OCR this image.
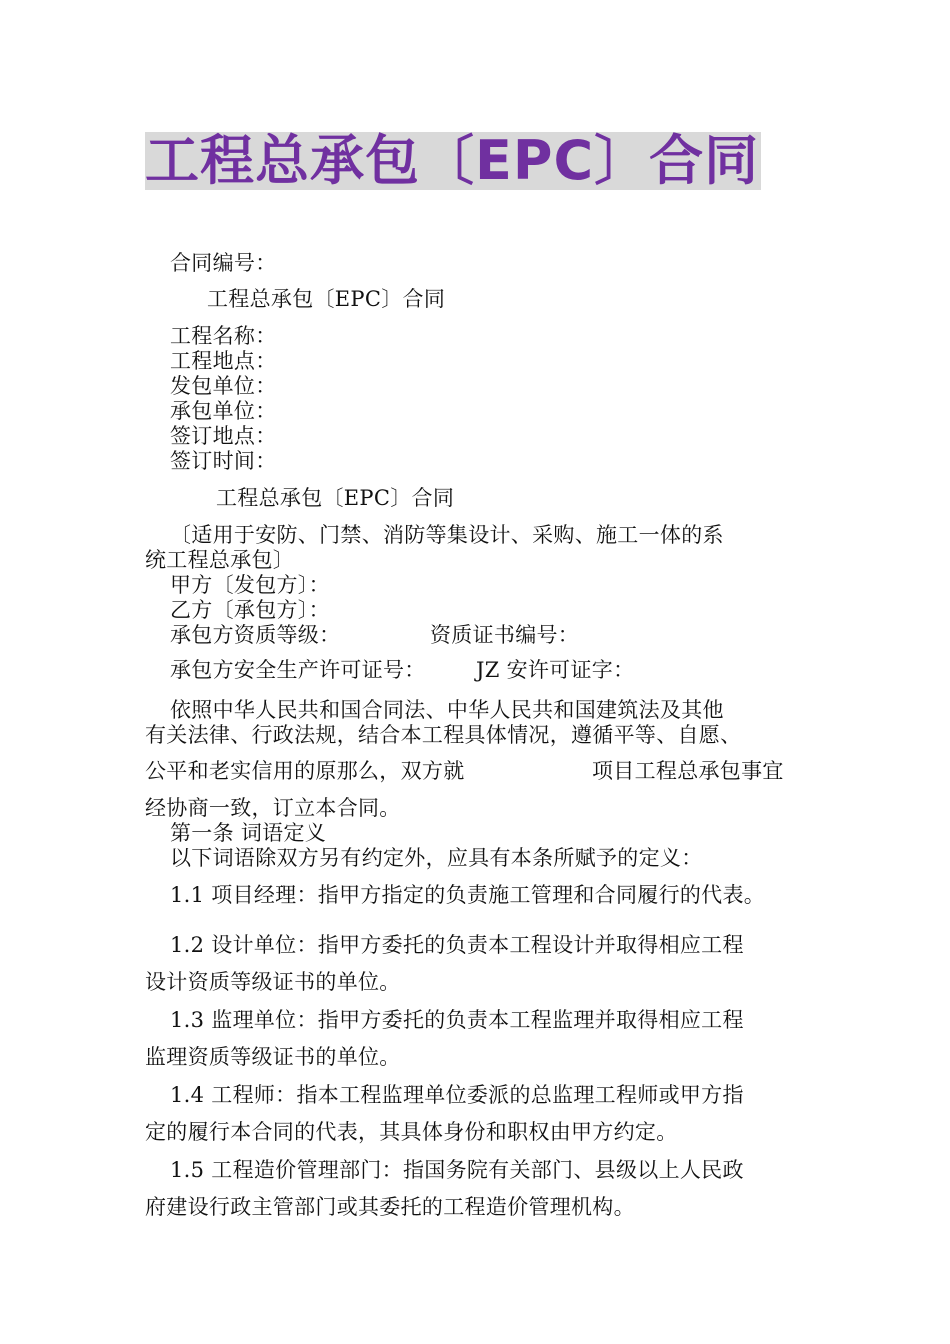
工程总承包〔EPC〕合同
合同编号：
工程总承包〔EPC〕合同
工程名称：
工程地点：
发包单位：
承包单位：
签订地点：
签订时间：
工程总承包〔EPC〕合同
〔适用于安防、门禁、消防等集设计、采购、施工一体的系
统工程总承包〕
甲方〔发包方〕：
乙方〔承包方〕：
承包方资质等级：	资质证书编号：
承包方安全生产许可证号： JZ 安许可证字：
依照中华人民共和国合同法、中华人民共和国建筑法及其他
有关法律、行政法规，结合本工程具体情况，遵循平等、自愿、
公平和老实信用的原那么，双方就	项目工程总承包事宜
经协商一致，订立本合同。
第一条 词语定义
以下词语除双方另有约定外，应具有本条所赋予的定义：
1.1 项目经理：指甲方指定的负责施工管理和合同履行的代表。
1.2 设计单位：指甲方委托的负责本工程设计并取得相应工程
设计资质等级证书的单位。
1.3 监理单位：指甲方委托的负责本工程监理并取得相应工程
监理资质等级证书的单位。
1.4 工程师：指本工程监理单位委派的总监理工程师或甲方指
定的履行本合同的代表，其具体身份和职权由甲方约定。
1.5 工程造价管理部门：指国务院有关部门、县级以上人民政
府建设行政主管部门或其委托的工程造价管理机构。
